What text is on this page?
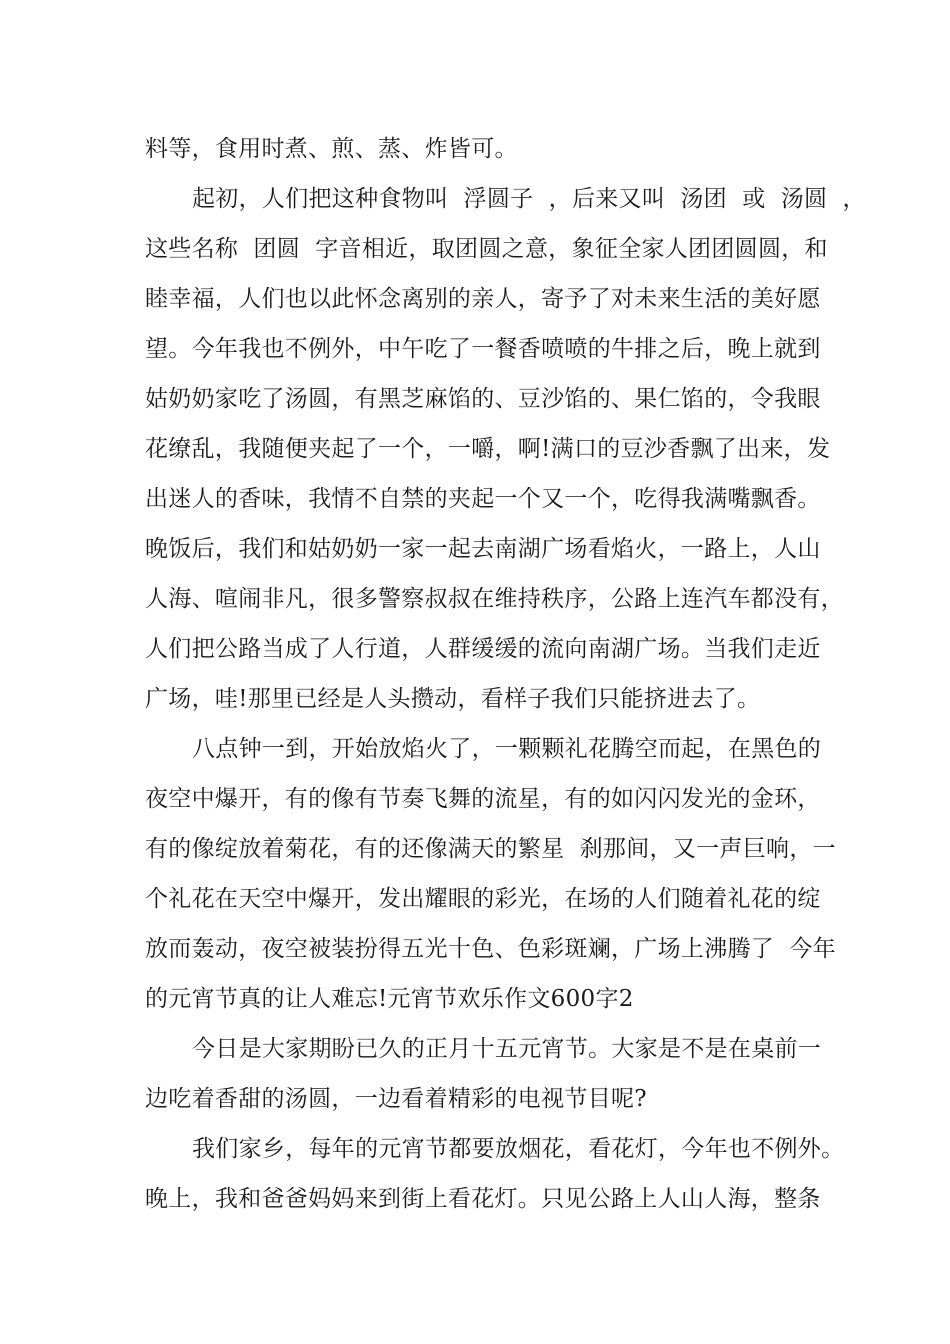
料等，食用时煮、煎、蒸、炸皆可。
起初，人们把这种食物叫  浮圆子  ，后来又叫  汤团  或  汤圆  ，
这些名称  团圆  字音相近，取团圆之意，象征全家人团团圆圆，和
睦幸福，人们也以此怀念离别的亲人，寄予了对未来生活的美好愿
望。今年我也不例外，中午吃了一餐香喷喷的牛排之后，晚上就到
姑奶奶家吃了汤圆，有黑芝麻馅的、豆沙馅的、果仁馅的，令我眼
花缭乱，我随便夹起了一个，一嚼，啊!满口的豆沙香飘了出来，发
出迷人的香味，我情不自禁的夹起一个又一个，吃得我满嘴飘香。
晚饭后，我们和姑奶奶一家一起去南湖广场看焰火，一路上，人山
人海、喧闹非凡，很多警察叔叔在维持秩序，公路上连汽车都没有，
人们把公路当成了人行道，人群缓缓的流向南湖广场。当我们走近
广场，哇!那里已经是人头攒动，看样子我们只能挤进去了。
八点钟一到，开始放焰火了，一颗颗礼花腾空而起，在黑色的
夜空中爆开，有的像有节奏飞舞的流星，有的如闪闪发光的金环，
有的像绽放着菊花，有的还像满天的繁星  刹那间，又一声巨响，一
个礼花在天空中爆开，发出耀眼的彩光，在场的人们随着礼花的绽
放而轰动，夜空被装扮得五光十色、色彩斑斓，广场上沸腾了  今年
的元宵节真的让人难忘!元宵节欢乐作文600字2
今日是大家期盼已久的正月十五元宵节。大家是不是在桌前一
边吃着香甜的汤圆，一边看着精彩的电视节目呢?
我们家乡，每年的元宵节都要放烟花，看花灯，今年也不例外。
晚上，我和爸爸妈妈来到街上看花灯。只见公路上人山人海，整条
